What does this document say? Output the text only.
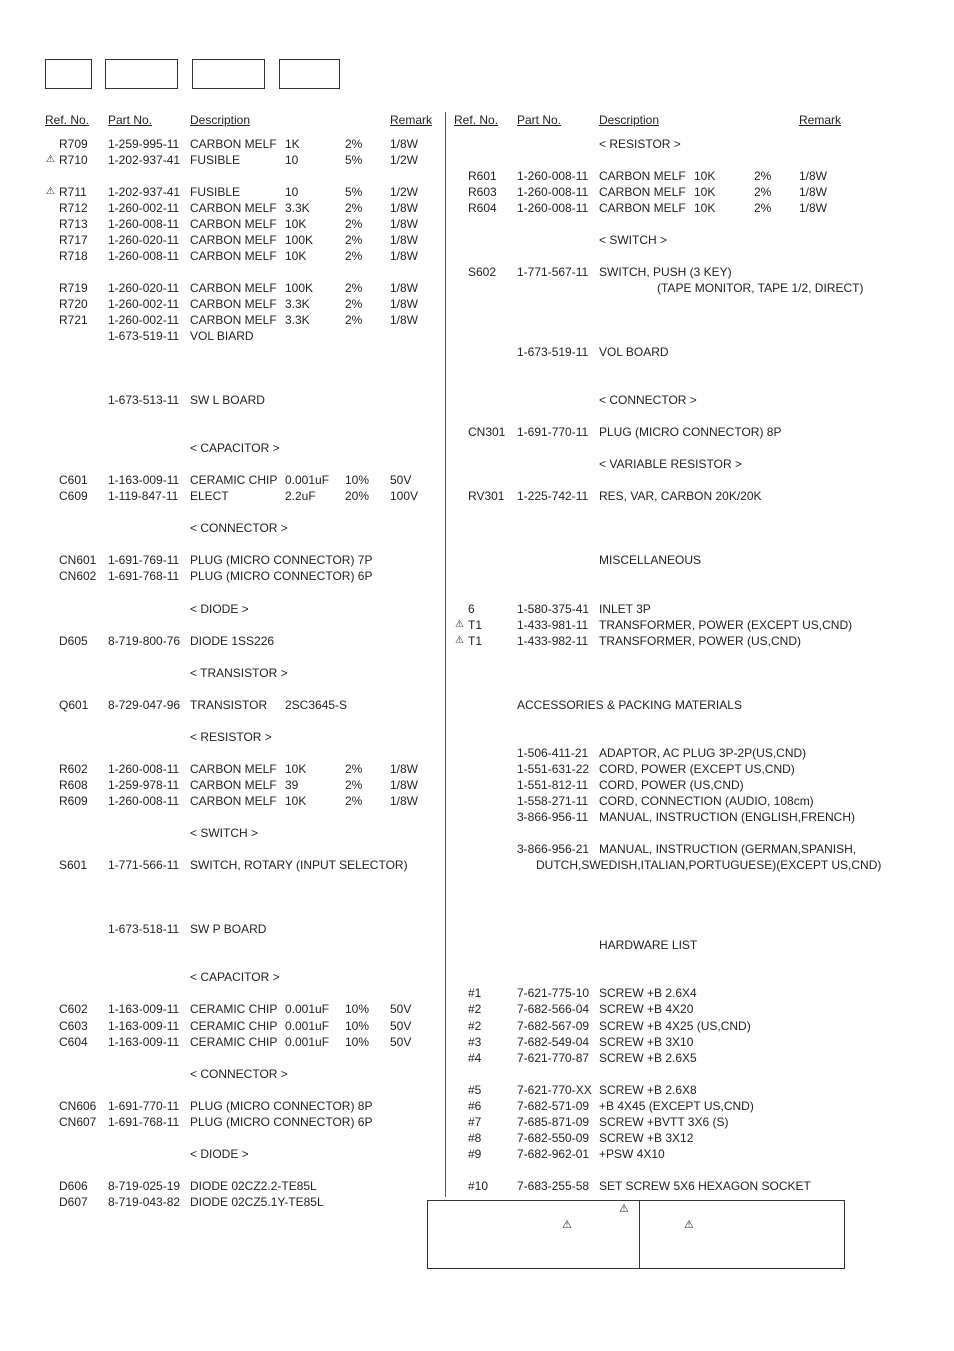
Ref. No. Part No.	Description	Remark Ref. No. Part No.	Description	Remark
R709 1-259-995-11 CARBON MELF 1K	2% 1/8W
⚠ R710 1-202-937-41 FUSIBLE	10	5% 1/2W
⚠ R711 1-202-937-41 FUSIBLE	10	5% 1/2W
R712 1-260-002-11 CARBON MELF 3.3K	2% 1/8W
R713 1-260-008-11 CARBON MELF 10K	2% 1/8W
R717 1-260-020-11 CARBON MELF 100K	2% 1/8W
R718 1-260-008-11 CARBON MELF 10K	2% 1/8W
R719 1-260-020-11 CARBON MELF 100K	2% 1/8W
R720 1-260-002-11 CARBON MELF 3.3K	2% 1/8W
R721 1-260-002-11 CARBON MELF 3.3K	2% 1/8W
1-673-519-11 VOL BIARD
1-673-513-11 SW L BOARD
< CAPACITOR >
C601 1-163-009-11 CERAMIC CHIP 0.001uF 10% 50V
C609 1-119-847-11 ELECT	2.2uF 20% 100V
< CONNECTOR >
CN601 1-691-769-11 PLUG (MICRO CONNECTOR) 7P
CN602 1-691-768-11 PLUG (MICRO CONNECTOR) 6P
< DIODE >
D605 8-719-800-76 DIODE 1SS226
< TRANSISTOR >
Q601 8-729-047-96 TRANSISTOR 2SC3645-S
< RESISTOR >
R602 1-260-008-11 CARBON MELF 10K	2% 1/8W
R608 1-259-978-11 CARBON MELF 39	2% 1/8W
R609 1-260-008-11 CARBON MELF 10K	2% 1/8W
< SWITCH >
S601 1-771-566-11 SWITCH, ROTARY (INPUT SELECTOR)
1-673-518-11 SW P BOARD
< CAPACITOR >
C602 1-163-009-11 CERAMIC CHIP 0.001uF 10% 50V
C603 1-163-009-11 CERAMIC CHIP 0.001uF 10% 50V
C604 1-163-009-11 CERAMIC CHIP 0.001uF 10% 50V
< CONNECTOR >
CN606 1-691-770-11 PLUG (MICRO CONNECTOR) 8P
CN607 1-691-768-11 PLUG (MICRO CONNECTOR) 6P
< DIODE >
D606 8-719-025-19 DIODE 02CZ2.2-TE85L
D607 8-719-043-82 DIODE 02CZ5.1Y-TE85L
< RESISTOR >
R601 1-260-008-11 CARBON MELF 10K	2% 1/8W
R603 1-260-008-11 CARBON MELF 10K	2% 1/8W
R604 1-260-008-11 CARBON MELF 10K	2% 1/8W
< SWITCH >
S602 1-771-567-11 SWITCH, PUSH (3 KEY)
(TAPE MONITOR, TAPE 1/2, DIRECT)
1-673-519-11 VOL BOARD
< CONNECTOR >
CN301 1-691-770-11 PLUG (MICRO CONNECTOR) 8P
< VARIABLE RESISTOR >
RV301 1-225-742-11 RES, VAR, CARBON 20K/20K
MISCELLANEOUS
6	1-580-375-41 INLET 3P
⚠ T1	1-433-981-11 TRANSFORMER, POWER (EXCEPT US,CND)
⚠ T1	1-433-982-11 TRANSFORMER, POWER (US,CND)
ACCESSORIES & PACKING MATERIALS
1-506-411-21 ADAPTOR, AC PLUG 3P-2P(US,CND)
1-551-631-22 CORD, POWER (EXCEPT US,CND)
1-551-812-11 CORD, POWER (US,CND)
1-558-271-11 CORD, CONNECTION (AUDIO, 108cm)
3-866-956-11 MANUAL, INSTRUCTION (ENGLISH,FRENCH)
3-866-956-21 MANUAL, INSTRUCTION (GERMAN,SPANISH,
DUTCH,SWEDISH,ITALIAN,PORTUGUESE)(EXCEPT US,CND)
HARDWARE LIST
#1	7-621-775-10 SCREW +B 2.6X4
#2	7-682-566-04 SCREW +B 4X20
#2	7-682-567-09 SCREW +B 4X25 (US,CND)
#3	7-682-549-04 SCREW +B 3X10
#4	7-621-770-87 SCREW +B 2.6X5
#5	7-621-770-XX SCREW +B 2.6X8
#6	7-682-571-09 +B 4X45 (EXCEPT US,CND)
#7	7-685-871-09 SCREW +BVTT 3X6 (S)
#8	7-682-550-09 SCREW +B 3X12
#9	7-682-962-01 +PSW 4X10
#10 7-683-255-58 SET SCREW 5X6 HEXAGON SOCKET
⚠
⚠	⚠
